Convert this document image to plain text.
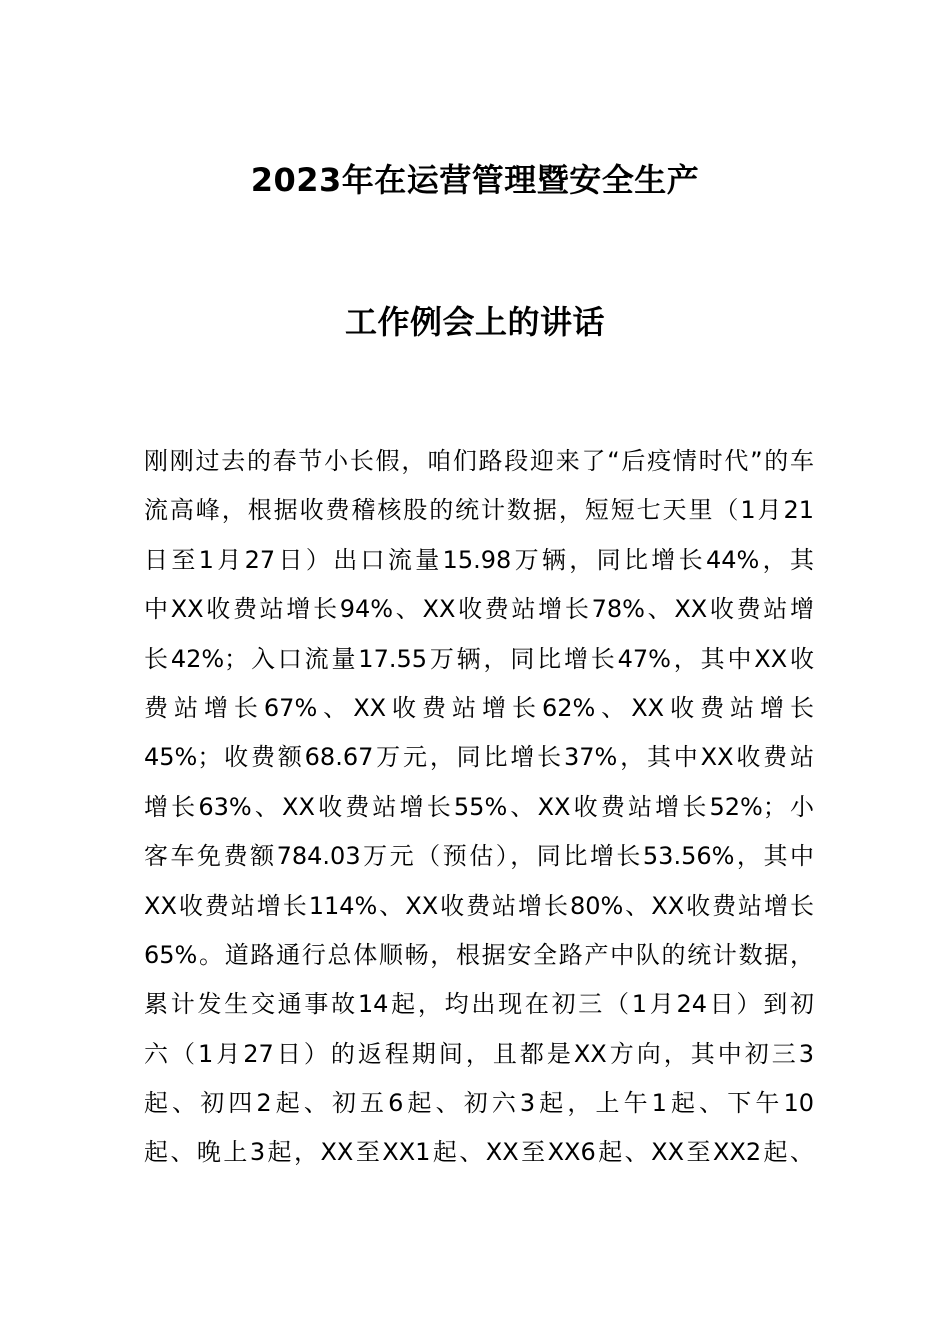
2023年在运营管理暨安全生产
工作例会上的讲话
刚刚过去的春节小长假，咱们路段迎来了“后疫情时代”的车
流高峰，根据收费稽核股的统计数据，短短七天里（1月21
日至1月27日）出口流量15.98万辆，同比增长44%，其
中XX收费站增长94%、XX收费站增长78%、XX收费站增
长42%；入口流量17.55万辆，同比增长47%，其中XX收
费站增长67%、XX收费站增长62%、XX收费站增长
45%；收费额68.67万元，同比增长37%，其中XX收费站
增长63%、XX收费站增长55%、XX收费站增长52%；小
客车免费额784.03万元（预估），同比增长53.56%，其中
XX收费站增长114%、XX收费站增长80%、XX收费站增长
65%。道路通行总体顺畅，根据安全路产中队的统计数据，
累计发生交通事故14起，均出现在初三（1月24日）到初
六（1月27日）的返程期间，且都是XX方向，其中初三3
起、初四2起、初五6起、初六3起，上午1起、下午10
起、晚上3起，XX至XX1起、XX至XX6起、XX至XX2起、
